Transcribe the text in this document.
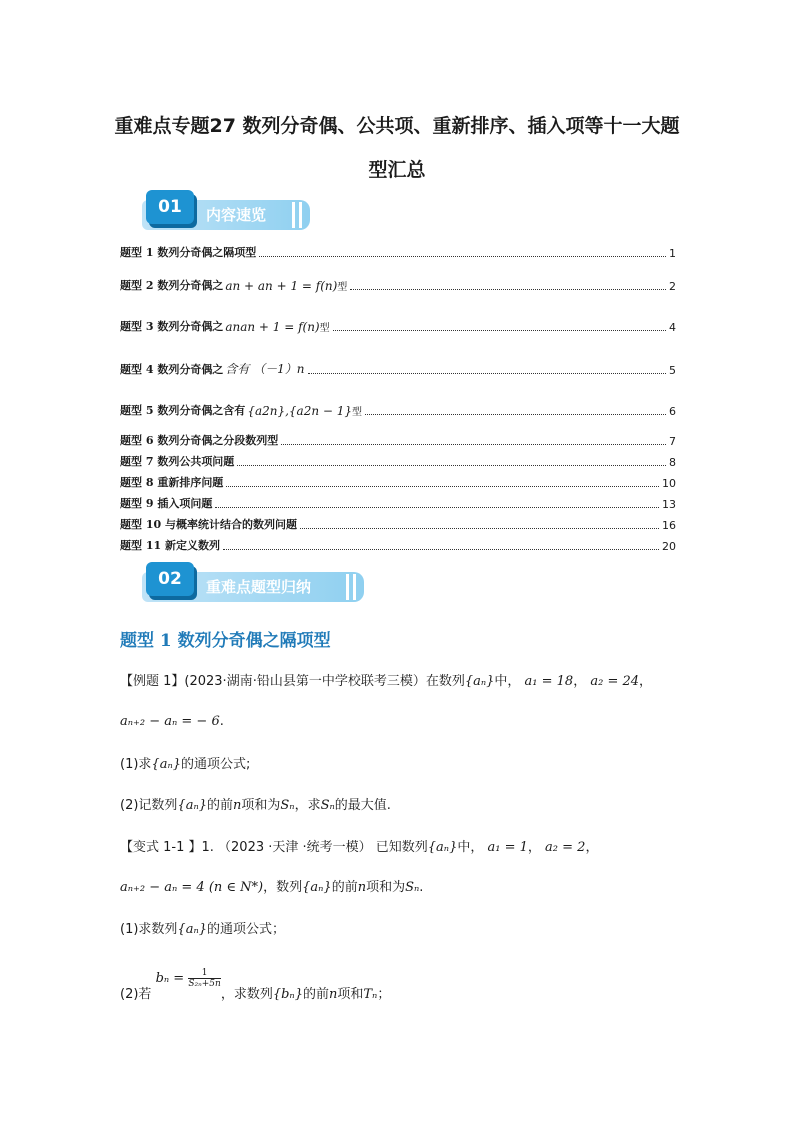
重难点专题27 数列分奇偶、公共项、重新排序、插入项等十一大题
型汇总
01	内容速览
题型 1 数列分奇偶之隔项型	1
题型 2 数列分奇偶之 an + an + 1 = f(n) 型	2
题型 3 数列分奇偶之 anan + 1 = f(n) 型	4
题型 4 数列分奇偶之 含有 （－1）n	5
题型 5 数列分奇偶之含有 {a2n},{a2n − 1} 型	6
题型 6 数列分奇偶之分段数列型	7
题型 7 数列公共项问题	8
题型 8 重新排序问题	10
题型 9 插入项问题	13
题型 10 与概率统计结合的数列问题	16
题型 11 新定义数列	20
02	重难点题型归纳
题型 1 数列分奇偶之隔项型
【例题 1】(2023·湖南·铅山县第一中学校联考三模）在数列{aₙ}中， a₁ = 18， a₂ = 24，
aₙ₊₂ − aₙ = − 6.
(1)求{aₙ}的通项公式;
(2)记数列{aₙ}的前n项和为Sₙ，求Sₙ的最大值.
【变式 1-1 】1. （2023 ·天津 ·统考一模） 已知数列{aₙ}中， a₁ = 1， a₂ = 2，
aₙ₊₂ − aₙ = 4 (n ∈ N*)，数列{aₙ}的前n项和为Sₙ.
(1)求数列{aₙ}的通项公式；
(2)若 $b_n = \frac{1}{\text{S₂ₙ+5n}}$
，求数列{bₙ}的前n项和Tₙ；
